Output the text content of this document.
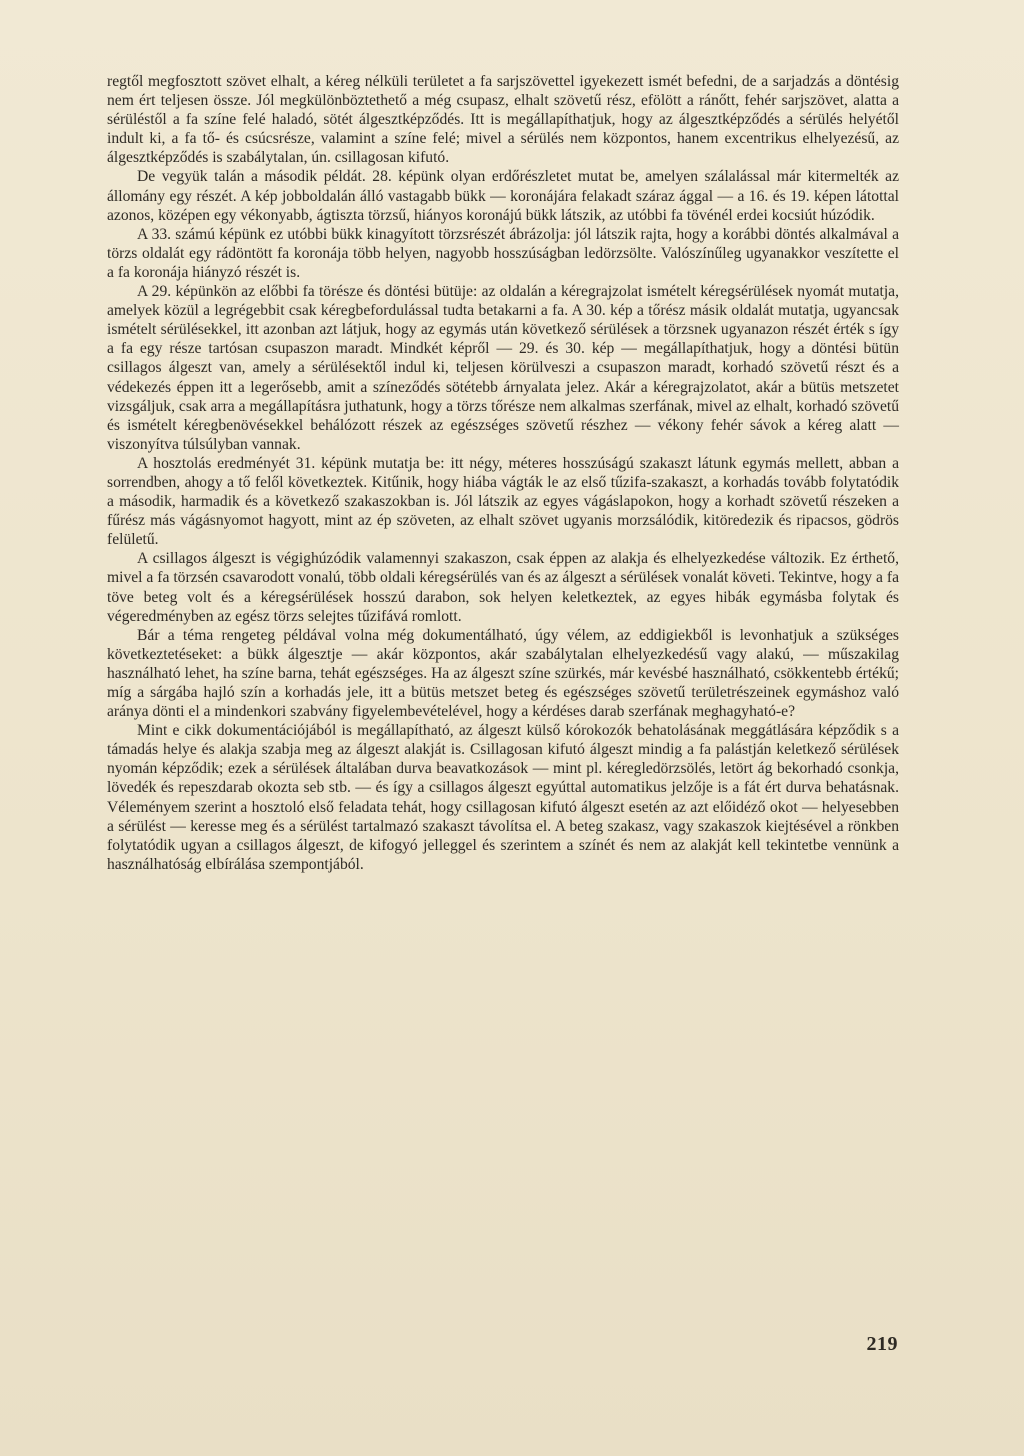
regtől megfosztott szövet elhalt, a kéreg nélküli területet a fa sarjszövettel igyekezett ismét befedni, de a sarjadzás a döntésig nem ért teljesen össze. Jól megkülönböztethető a még csupasz, elhalt szövetű rész, efölött a ránőtt, fehér sarjszövet, alatta a sérüléstől a fa színe felé haladó, sötét álgesztképződés. Itt is megállapíthatjuk, hogy az álgesztképződés a sérülés helyétől indult ki, a fa tő- és csúcsrésze, valamint a színe felé; mivel a sérülés nem központos, hanem excentrikus elhelyezésű, az álgesztképződés is szabálytalan, ún. csillagosan kifutó.

De vegyük talán a második példát. 28. képünk olyan erdőrészletet mutat be, amelyen szálalással már kitermelték az állomány egy részét. A kép jobboldalán álló vastagabb bükk — koronájára felakadt száraz ággal — a 16. és 19. képen látottal azonos, középen egy vékonyabb, ágtiszta törzsű, hiányos koronájú bükk látszik, az utóbbi fa tövénél erdei kocsiút húzódik.

A 33. számú képünk ez utóbbi bükk kinagyított törzsrészét ábrázolja: jól látszik rajta, hogy a korábbi döntés alkalmával a törzs oldalát egy rádöntött fa koronája több helyen, nagyobb hosszúságban ledörzsölte. Valószínűleg ugyanakkor veszítette el a fa koronája hiányzó részét is.

A 29. képünkön az előbbi fa törésze és döntési bütüje: az oldalán a kéregrajzolat ismételt kéregsérülések nyomát mutatja, amelyek közül a legrégebbit csak kéregbefordulással tudta betakarni a fa. A 30. kép a tőrész másik oldalát mutatja, ugyancsak ismételt sérülésekkel, itt azonban azt látjuk, hogy az egymás után következő sérülések a törzsnek ugyanazon részét érték s így a fa egy része tartósan csupaszon maradt. Mindkét képről — 29. és 30. kép — megállapíthatjuk, hogy a döntési bütün csillagos álgeszt van, amely a sérülésektől indul ki, teljesen körülveszi a csupaszon maradt, korhadó szövetű részt és a védekezés éppen itt a legerősebb, amit a színeződés sötétebb árnyalata jelez. Akár a kéregrajzolatot, akár a bütüs metszetet vizsgáljuk, csak arra a megállapításra juthatunk, hogy a törzs tőrésze nem alkalmas szerfának, mivel az elhalt, korhadó szövetű és ismételt kéregbenövésekkel behálózott részek az egészséges szövetű részhez — vékony fehér sávok a kéreg alatt — viszonyítva túlsúlyban vannak.

A hosztolás eredményét 31. képünk mutatja be: itt négy, méteres hosszúságú szakaszt látunk egymás mellett, abban a sorrendben, ahogy a tő felől következtek. Kitűnik, hogy hiába vágták le az első tűzifa-szakaszt, a korhadás tovább folytatódik a második, harmadik és a következő szakaszokban is. Jól látszik az egyes vágáslapokon, hogy a korhadt szövetű részeken a fűrész más vágásnyomot hagyott, mint az ép szöveten, az elhalt szövet ugyanis morzsálódik, kitöredezik és ripacsos, gödrös felületű.

A csillagos álgeszt is végighúzódik valamennyi szakaszon, csak éppen az alakja és elhelyezkedése változik. Ez érthető, mivel a fa törzsén csavarodott vonalú, több oldali kéregsérülés van és az álgeszt a sérülések vonalát követi. Tekintve, hogy a fa töve beteg volt és a kéregsérülések hosszú darabon, sok helyen keletkeztek, az egyes hibák egymásba folytak és végeredményben az egész törzs selejtes tűzifává romlott.

Bár a téma rengeteg példával volna még dokumentálható, úgy vélem, az eddigiekből is levonhatjuk a szükséges következtetéseket: a bükk álgesztje — akár központos, akár szabálytalan elhelyezkedésű vagy alakú, — műszakilag használható lehet, ha színe barna, tehát egészséges. Ha az álgeszt színe szürkés, már kevésbé használható, csökkentebb értékű; míg a sárgába hajló szín a korhadás jele, itt a bütüs metszet beteg és egészséges szövetű területrészeinek egymáshoz való aránya dönti el a mindenkori szabvány figyelembevételével, hogy a kérdéses darab szerfának meghagyható-e?

Mint e cikk dokumentációjából is megállapítható, az álgeszt külső kórokozók behatolásának meggátlására képződik s a támadás helye és alakja szabja meg az álgeszt alakját is. Csillagosan kifutó álgeszt mindig a fa palástján keletkező sérülések nyomán képződik; ezek a sérülések általában durva beavatkozások — mint pl. kéregledörzsölés, letört ág bekorhadó csonkja, lövedék és repeszdarab okozta seb stb. — és így a csillagos álgeszt egyúttal automatikus jelzője is a fát ért durva behatásnak. Véleményem szerint a hosztoló első feladata tehát, hogy csillagosan kifutó álgeszt esetén az azt előidéző okot — helyesebben a sérülést — keresse meg és a sérülést tartalmazó szakaszt távolítsa el. A beteg szakasz, vagy szakaszok kiejtésével a rönkben folytatódik ugyan a csillagos álgeszt, de kifogyó jelleggel és szerintem a színét és nem az alakját kell tekintetbe vennünk a használhatóság elbírálása szempontjából.

219
